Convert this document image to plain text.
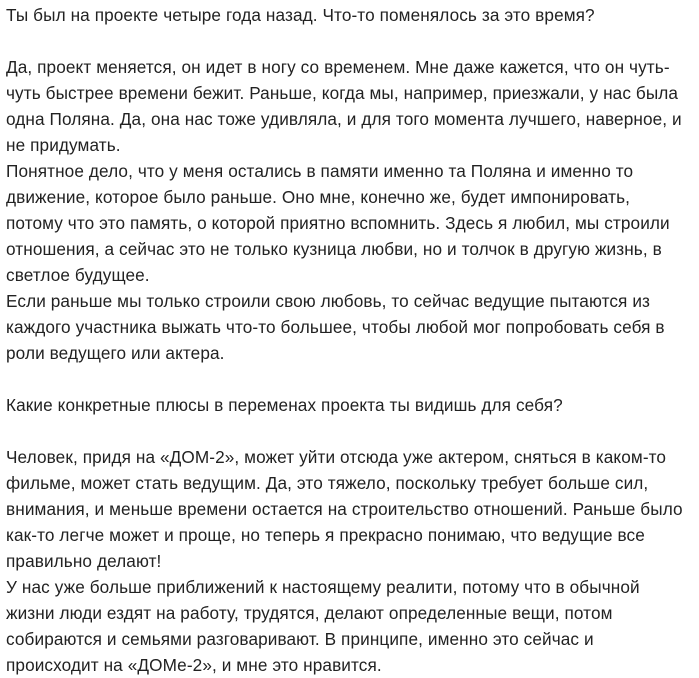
Ты был на проекте четыре года назад. Что-то поменялось за это время?

Да, проект меняется, он идет в ногу со временем. Мне даже кажется, что он чуть-чуть быстрее времени бежит. Раньше, когда мы, например, приезжали, у нас была одна Поляна. Да, она нас тоже удивляла, и для того момента лучшего, наверное, и не придумать.

Понятное дело, что у меня остались в памяти именно та Поляна и именно то движение, которое было раньше. Оно мне, конечно же, будет импонировать, потому что это память, о которой приятно вспомнить. Здесь я любил, мы строили отношения, а сейчас это не только кузница любви, но и толчок в другую жизнь, в светлое будущее.

Если раньше мы только строили свою любовь, то сейчас ведущие пытаются из каждого участника выжать что-то большее, чтобы любой мог попробовать себя в роли ведущего или актера.

Какие конкретные плюсы в переменах проекта ты видишь для себя?

Человек, придя на «ДОМ-2», может уйти отсюда уже актером, сняться в каком-то фильме, может стать ведущим. Да, это тяжело, поскольку требует больше сил, внимания, и меньше времени остается на строительство отношений. Раньше было как-то легче может и проще, но теперь я прекрасно понимаю, что ведущие все правильно делают!

У нас уже больше приближений к настоящему реалити, потому что в обычной жизни люди ездят на работу, трудятся, делают определенные вещи, потом собираются и семьями разговаривают. В принципе, именно это сейчас и происходит на «ДОМе-2», и мне это нравится.
